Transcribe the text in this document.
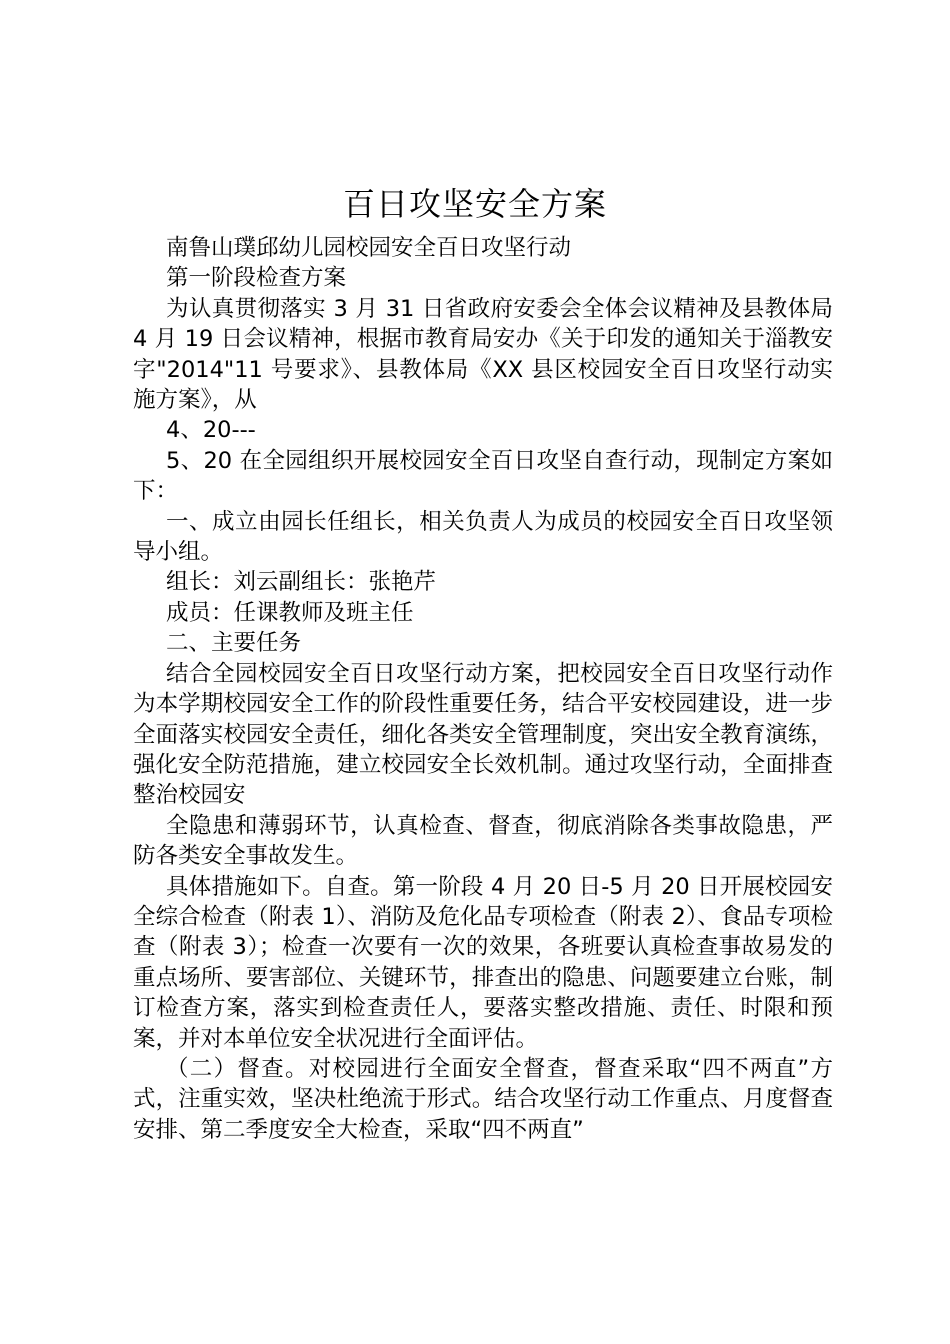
百日攻坚安全方案

南鲁山璞邱幼儿园校园安全百日攻坚行动

第一阶段检查方案

为认真贯彻落实 3 月 31 日省政府安委会全体会议精神及县教体局 4 月 19 日会议精神，根据市教育局安办《关于印发的通知关于淄教安字"2014"11 号要求》、县教体局《XX 县区校园安全百日攻坚行动实施方案》，从

4、20---

5、20 在全园组织开展校园安全百日攻坚自查行动，现制定方案如下：

一、成立由园长任组长，相关负责人为成员的校园安全百日攻坚领导小组。

组长：刘云副组长：张艳芹

成员：任课教师及班主任

二、主要任务

结合全园校园安全百日攻坚行动方案，把校园安全百日攻坚行动作为本学期校园安全工作的阶段性重要任务，结合平安校园建设，进一步全面落实校园安全责任，细化各类安全管理制度，突出安全教育演练，强化安全防范措施，建立校园安全长效机制。通过攻坚行动，全面排查整治校园安

全隐患和薄弱环节，认真检查、督查，彻底消除各类事故隐患，严防各类安全事故发生。

具体措施如下。自查。第一阶段 4 月 20 日-5 月 20 日开展校园安全综合检查（附表 1）、消防及危化品专项检查（附表 2）、食品专项检查（附表 3）；检查一次要有一次的效果，各班要认真检查事故易发的重点场所、要害部位、关键环节，排查出的隐患、问题要建立台账，制订检查方案，落实到检查责任人，要落实整改措施、责任、时限和预案，并对本单位安全状况进行全面评估。

（二）督查。对校园进行全面安全督查，督查采取“四不两直”方式，注重实效，坚决杜绝流于形式。结合攻坚行动工作重点、月度督查安排、第二季度安全大检查，采取“四不两直”
